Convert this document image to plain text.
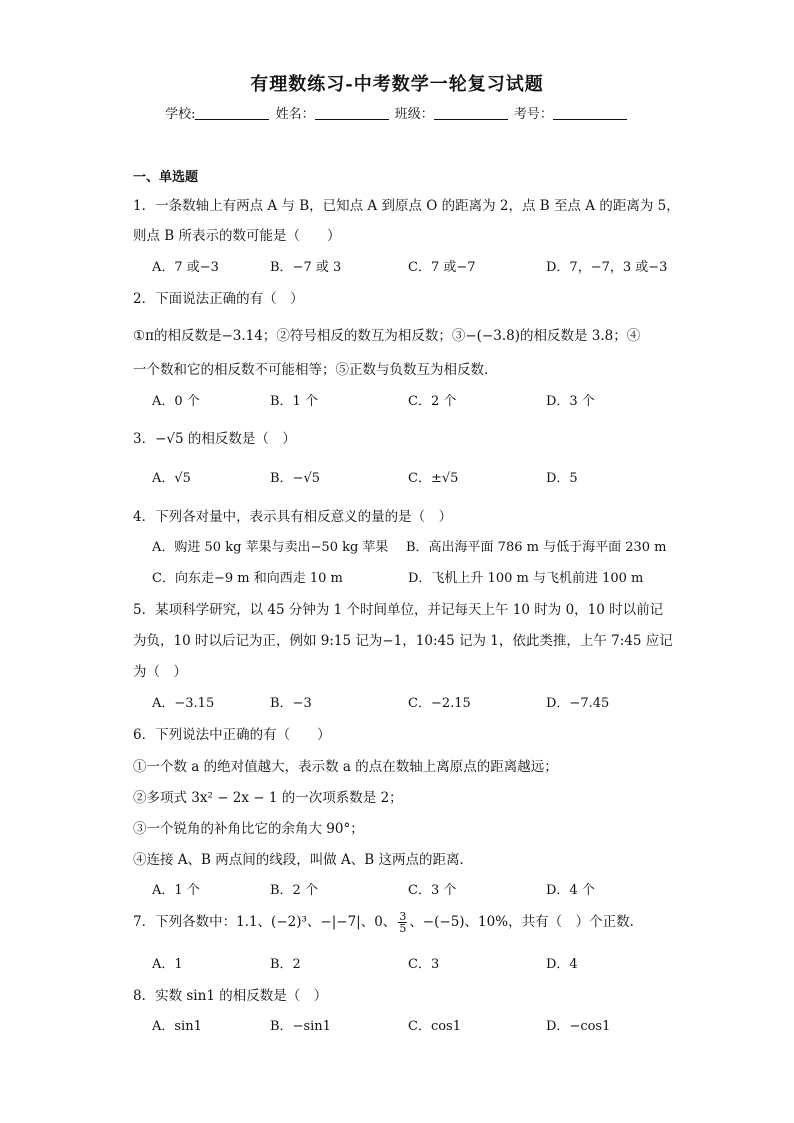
有理数练习-中考数学一轮复习试题
学校:	姓名：	班级：	考号：
一、单选题
1．一条数轴上有两点 A 与 B，已知点 A 到原点 O 的距离为 2，点 B 至点 A 的距离为 5，
则点 B 所表示的数可能是（　　）
A．7 或−3	B．−7 或 3	C．7 或−7	D．7，−7，3 或−3
2．下面说法正确的有（　）
①π的相反数是−3.14；②符号相反的数互为相反数；③−(−3.8)的相反数是 3.8；④
一个数和它的相反数不可能相等；⑤正数与负数互为相反数．
A．0 个	B．1 个	C．2 个	D．3 个
3．−√5 的相反数是（　）
A．√5	B．−√5	C．±√5	D．5
4．下列各对量中，表示具有相反意义的量的是（　）
A．购进 50 kg 苹果与卖出−50 kg 苹果 B．高出海平面 786 m 与低于海平面 230 m
C．向东走−9 m 和向西走 10 m	D．飞机上升 100 m 与飞机前进 100 m
5．某项科学研究，以 45 分钟为 1 个时间单位，并记每天上午 10 时为 0，10 时以前记
为负，10 时以后记为正，例如 9:15 记为−1，10:45 记为 1，依此类推，上午 7:45 应记
为（　）
A．−3.15	B．−3	C．−2.15	D．−7.45
6．下列说法中正确的有（　　）
①一个数 a 的绝对值越大，表示数 a 的点在数轴上离原点的距离越远；
②多项式 3x² − 2x − 1 的一次项系数是 2；
③一个锐角的补角比它的余角大 90°；
④连接 A、B 两点间的线段，叫做 A、B 这两点的距离．
A．1 个	B．2 个	C．3 个	D．4 个
7．下列各数中：1.1、(−2)³、−|−7|、0、 $\frac{3}{5}$ 、−(−5)、10%，共有（　）个正数．
A．1	B．2	C．3	D．4
8．实数 sin1 的相反数是（　）
A．sin1	B．−sin1	C．cos1	D．−cos1
